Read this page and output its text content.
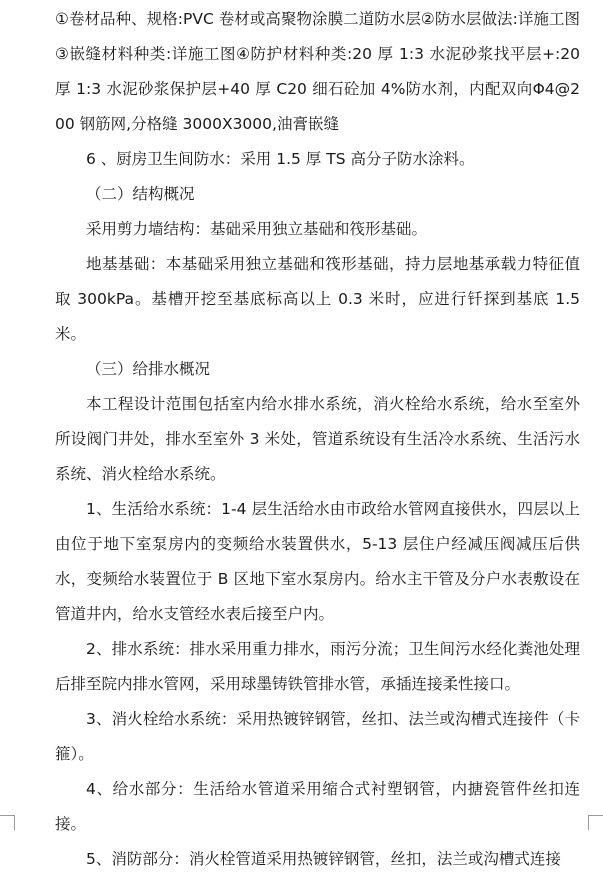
①卷材品种、规格:PVC 卷材或高聚物涂膜二道防水层②防水层做法:详施工图③嵌缝材料种类:详施工图④防护材料种类:20 厚 1:3 水泥砂浆找平层+:20 厚 1:3 水泥砂浆保护层+40 厚 C20 细石砼加 4%防水剂，内配双向Φ4@200 钢筋网,分格缝 3000X3000,油膏嵌缝

6 、厨房卫生间防水：采用 1.5 厚 TS 高分子防水涂料。

（二）结构概况

采用剪力墙结构：基础采用独立基础和筏形基础。

地基基础：本基础采用独立基础和筏形基础，持力层地基承载力特征值取 300kPa。基槽开挖至基底标高以上 0.3 米时，应进行钎探到基底 1.5 米。

（三）给排水概况

本工程设计范围包括室内给水排水系统，消火栓给水系统，给水至室外所设阀门井处，排水至室外 3 米处，管道系统设有生活冷水系统、生活污水系统、消火栓给水系统。

1、生活给水系统：1-4 层生活给水由市政给水管网直接供水，四层以上由位于地下室泵房内的变频给水装置供水，5-13 层住户经减压阀减压后供水，变频给水装置位于 B 区地下室水泵房内。给水主干管及分户水表敷设在管道井内，给水支管经水表后接至户内。

2、排水系统：排水采用重力排水，雨污分流；卫生间污水经化粪池处理后排至院内排水管网，采用球墨铸铁管排水管，承插连接柔性接口。

3、消火栓给水系统：采用热镀锌钢管，丝扣、法兰或沟槽式连接件（卡箍）。

4、给水部分：生活给水管道采用缩合式衬塑钢管，内搪瓷管件丝扣连接。

5、消防部分：消火栓管道采用热镀锌钢管，丝扣，法兰或沟槽式连接
